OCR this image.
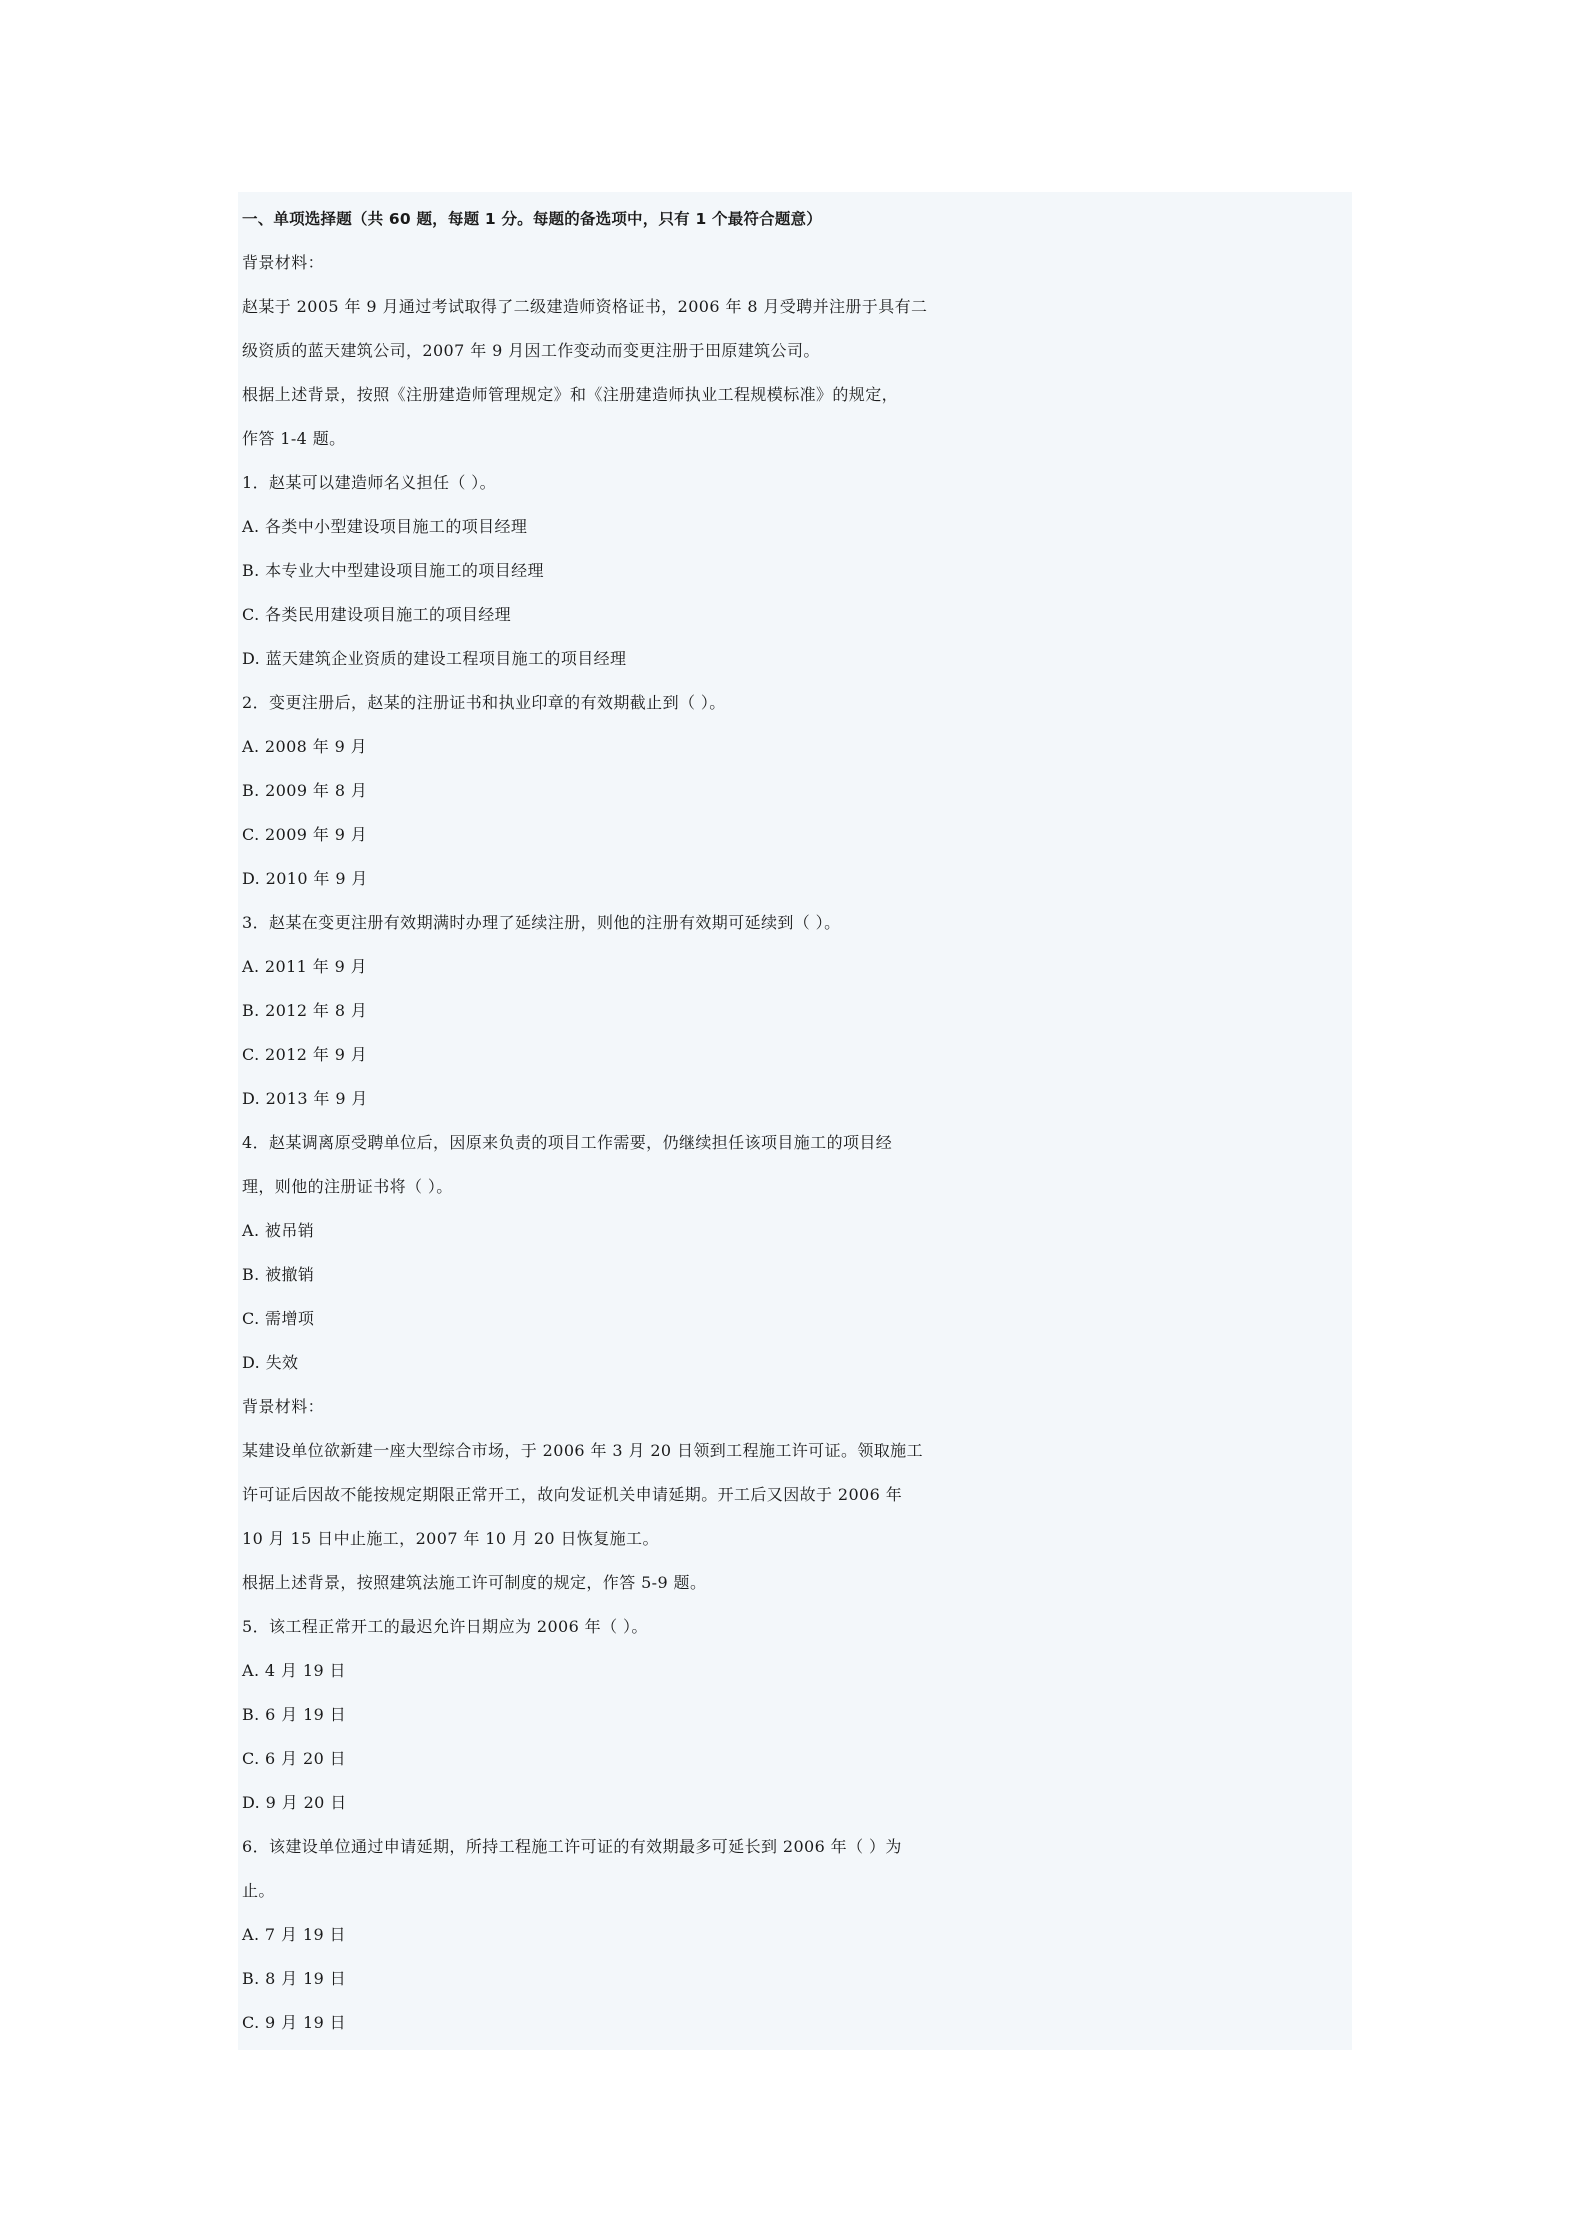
一、单项选择题（共 60 题，每题 1 分。每题的备选项中，只有 1 个最符合题意）
背景材料：
赵某于 2005 年 9 月通过考试取得了二级建造师资格证书，2006 年 8 月受聘并注册于具有二
级资质的蓝天建筑公司，2007 年 9 月因工作变动而变更注册于田原建筑公司。
根据上述背景，按照《注册建造师管理规定》和《注册建造师执业工程规模标准》的规定，
作答 1-4 题。
1．赵某可以建造师名义担任（ ）。
A. 各类中小型建设项目施工的项目经理
B. 本专业大中型建设项目施工的项目经理
C. 各类民用建设项目施工的项目经理
D. 蓝天建筑企业资质的建设工程项目施工的项目经理
2．变更注册后，赵某的注册证书和执业印章的有效期截止到（ ）。
A. 2008 年 9 月
B. 2009 年 8 月
C. 2009 年 9 月
D. 2010 年 9 月
3．赵某在变更注册有效期满时办理了延续注册，则他的注册有效期可延续到（ ）。
A. 2011 年 9 月
B. 2012 年 8 月
C. 2012 年 9 月
D. 2013 年 9 月
4．赵某调离原受聘单位后，因原来负责的项目工作需要，仍继续担任该项目施工的项目经
理，则他的注册证书将（ ）。
A. 被吊销
B. 被撤销
C. 需增项
D. 失效
背景材料：
某建设单位欲新建一座大型综合市场，于 2006 年 3 月 20 日领到工程施工许可证。领取施工
许可证后因故不能按规定期限正常开工，故向发证机关申请延期。开工后又因故于 2006 年
10 月 15 日中止施工，2007 年 10 月 20 日恢复施工。
根据上述背景，按照建筑法施工许可制度的规定，作答 5-9 题。
5．该工程正常开工的最迟允许日期应为 2006 年（ ）。
A. 4 月 19 日
B. 6 月 19 日
C. 6 月 20 日
D. 9 月 20 日
6．该建设单位通过申请延期，所持工程施工许可证的有效期最多可延长到 2006 年（ ）为
止。
A. 7 月 19 日
B. 8 月 19 日
C. 9 月 19 日
